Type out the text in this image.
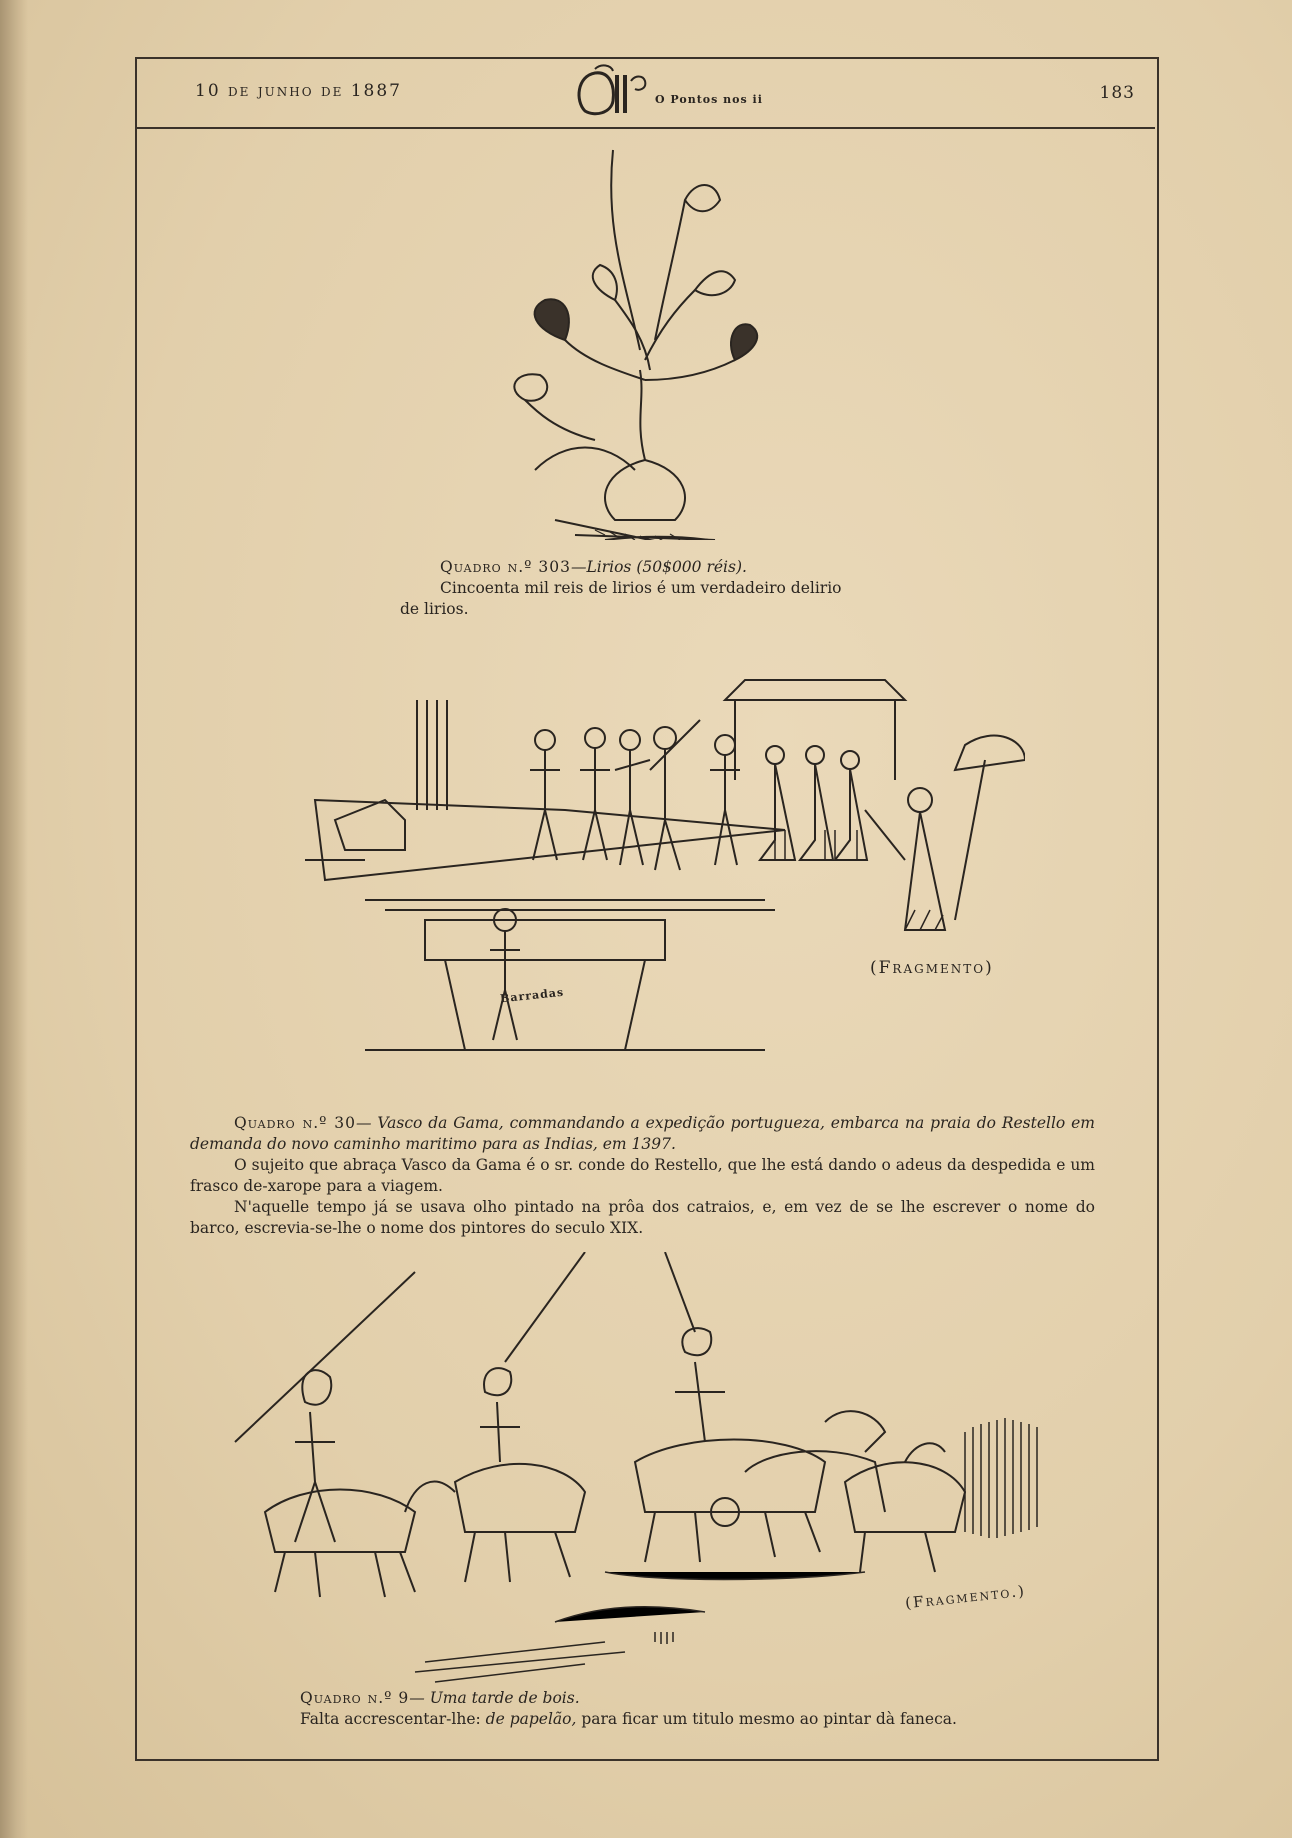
10 de junho de 1887	O Pontos nos ii	183
Quadro n.º 303—Lirios (50$000 réis).
Cincoenta mil reis de lirios é um verdadeiro delirio
de lirios.
(Fragmento)
Barradas

Quadro n.º 30— Vasco da Gama, commandando a expedição portugueza, embarca na praia do Restello em demanda do novo caminho maritimo para as Indias, em 1397.

O sujeito que abraça Vasco da Gama é o sr. conde do Restello, que lhe está dando o adeus da despedida e um frasco de-xarope para a viagem.

N'aquelle tempo já se usava olho pintado na prôa dos catraios, e, em vez de se lhe escrever o nome do barco, escrevia-se-lhe o nome dos pintores do seculo XIX.

(Fragmento.)
Quadro n.º 9— Uma tarde de bois.
Falta accrescentar-lhe: de papelão, para ficar um titulo mesmo ao pintar dà faneca.
